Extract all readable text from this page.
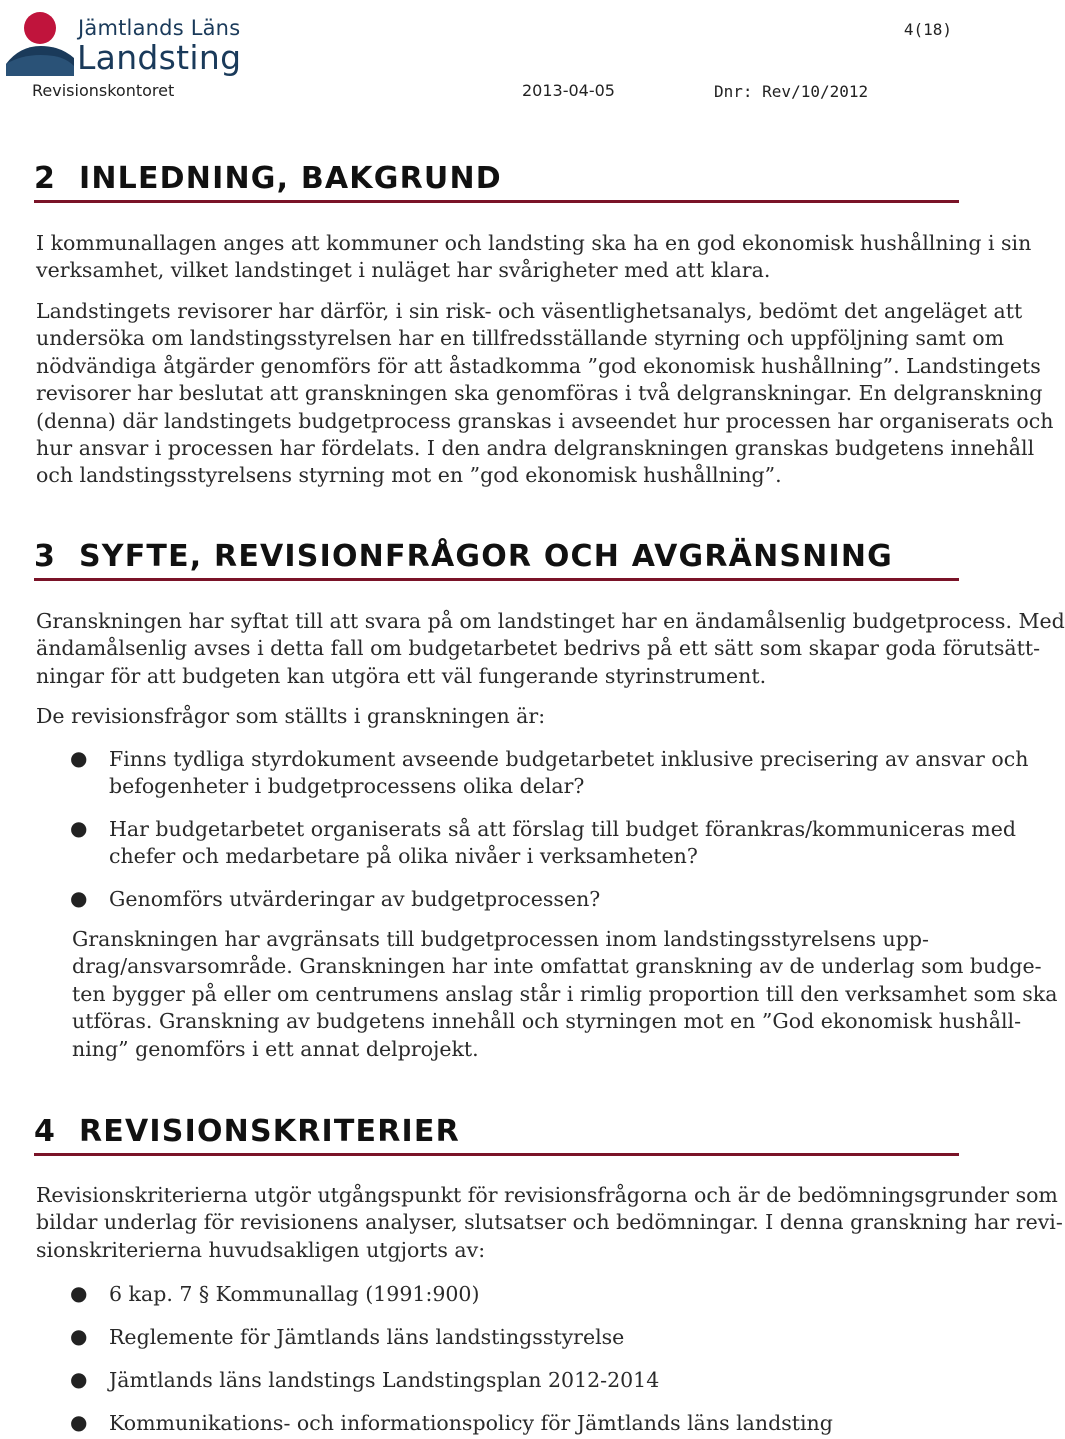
Jämtlands Läns
Landsting
4(18)
Revisionskontoret	2013-04-05	Dnr: Rev/10/2012
2 INLEDNING, BAKGRUND
I kommunallagen anges att kommuner och landsting ska ha en god ekonomisk hushållning i sin
verksamhet, vilket landstinget i nuläget har svårigheter med att klara.
Landstingets revisorer har därför, i sin risk- och väsentlighetsanalys, bedömt det angeläget att
undersöka om landstingsstyrelsen har en tillfredsställande styrning och uppföljning samt om
nödvändiga åtgärder genomförs för att åstadkomma ”god ekonomisk hushållning”. Landstingets
revisorer har beslutat att granskningen ska genomföras i två delgranskningar. En delgranskning
(denna) där landstingets budgetprocess granskas i avseendet hur processen har organiserats och
hur ansvar i processen har fördelats. I den andra delgranskningen granskas budgetens innehåll
och landstingsstyrelsens styrning mot en ”god ekonomisk hushållning”.
3 SYFTE, REVISIONFRÅGOR OCH AVGRÄNSNING
Granskningen har syftat till att svara på om landstinget har en ändamålsenlig budgetprocess. Med
ändamålsenlig avses i detta fall om budgetarbetet bedrivs på ett sätt som skapar goda förutsätt-
ningar för att budgeten kan utgöra ett väl fungerande styrinstrument.
De revisionsfrågor som ställts i granskningen är:
● Finns tydliga styrdokument avseende budgetarbetet inklusive precisering av ansvar och
befogenheter i budgetprocessens olika delar?
● Har budgetarbetet organiserats så att förslag till budget förankras/kommuniceras med
chefer och medarbetare på olika nivåer i verksamheten?
● Genomförs utvärderingar av budgetprocessen?
Granskningen har avgränsats till budgetprocessen inom landstingsstyrelsens upp-
drag/ansvarsområde. Granskningen har inte omfattat granskning av de underlag som budge-
ten bygger på eller om centrumens anslag står i rimlig proportion till den verksamhet som ska
utföras. Granskning av budgetens innehåll och styrningen mot en ”God ekonomisk hushåll-
ning” genomförs i ett annat delprojekt.
4 REVISIONSKRITERIER
Revisionskriterierna utgör utgångspunkt för revisionsfrågorna och är de bedömningsgrunder som
bildar underlag för revisionens analyser, slutsatser och bedömningar. I denna granskning har revi-
sionskriterierna huvudsakligen utgjorts av:
● 6 kap. 7 § Kommunallag (1991:900)
● Reglemente för Jämtlands läns landstingsstyrelse
● Jämtlands läns landstings Landstingsplan 2012-2014
● Kommunikations- och informationspolicy för Jämtlands läns landsting
